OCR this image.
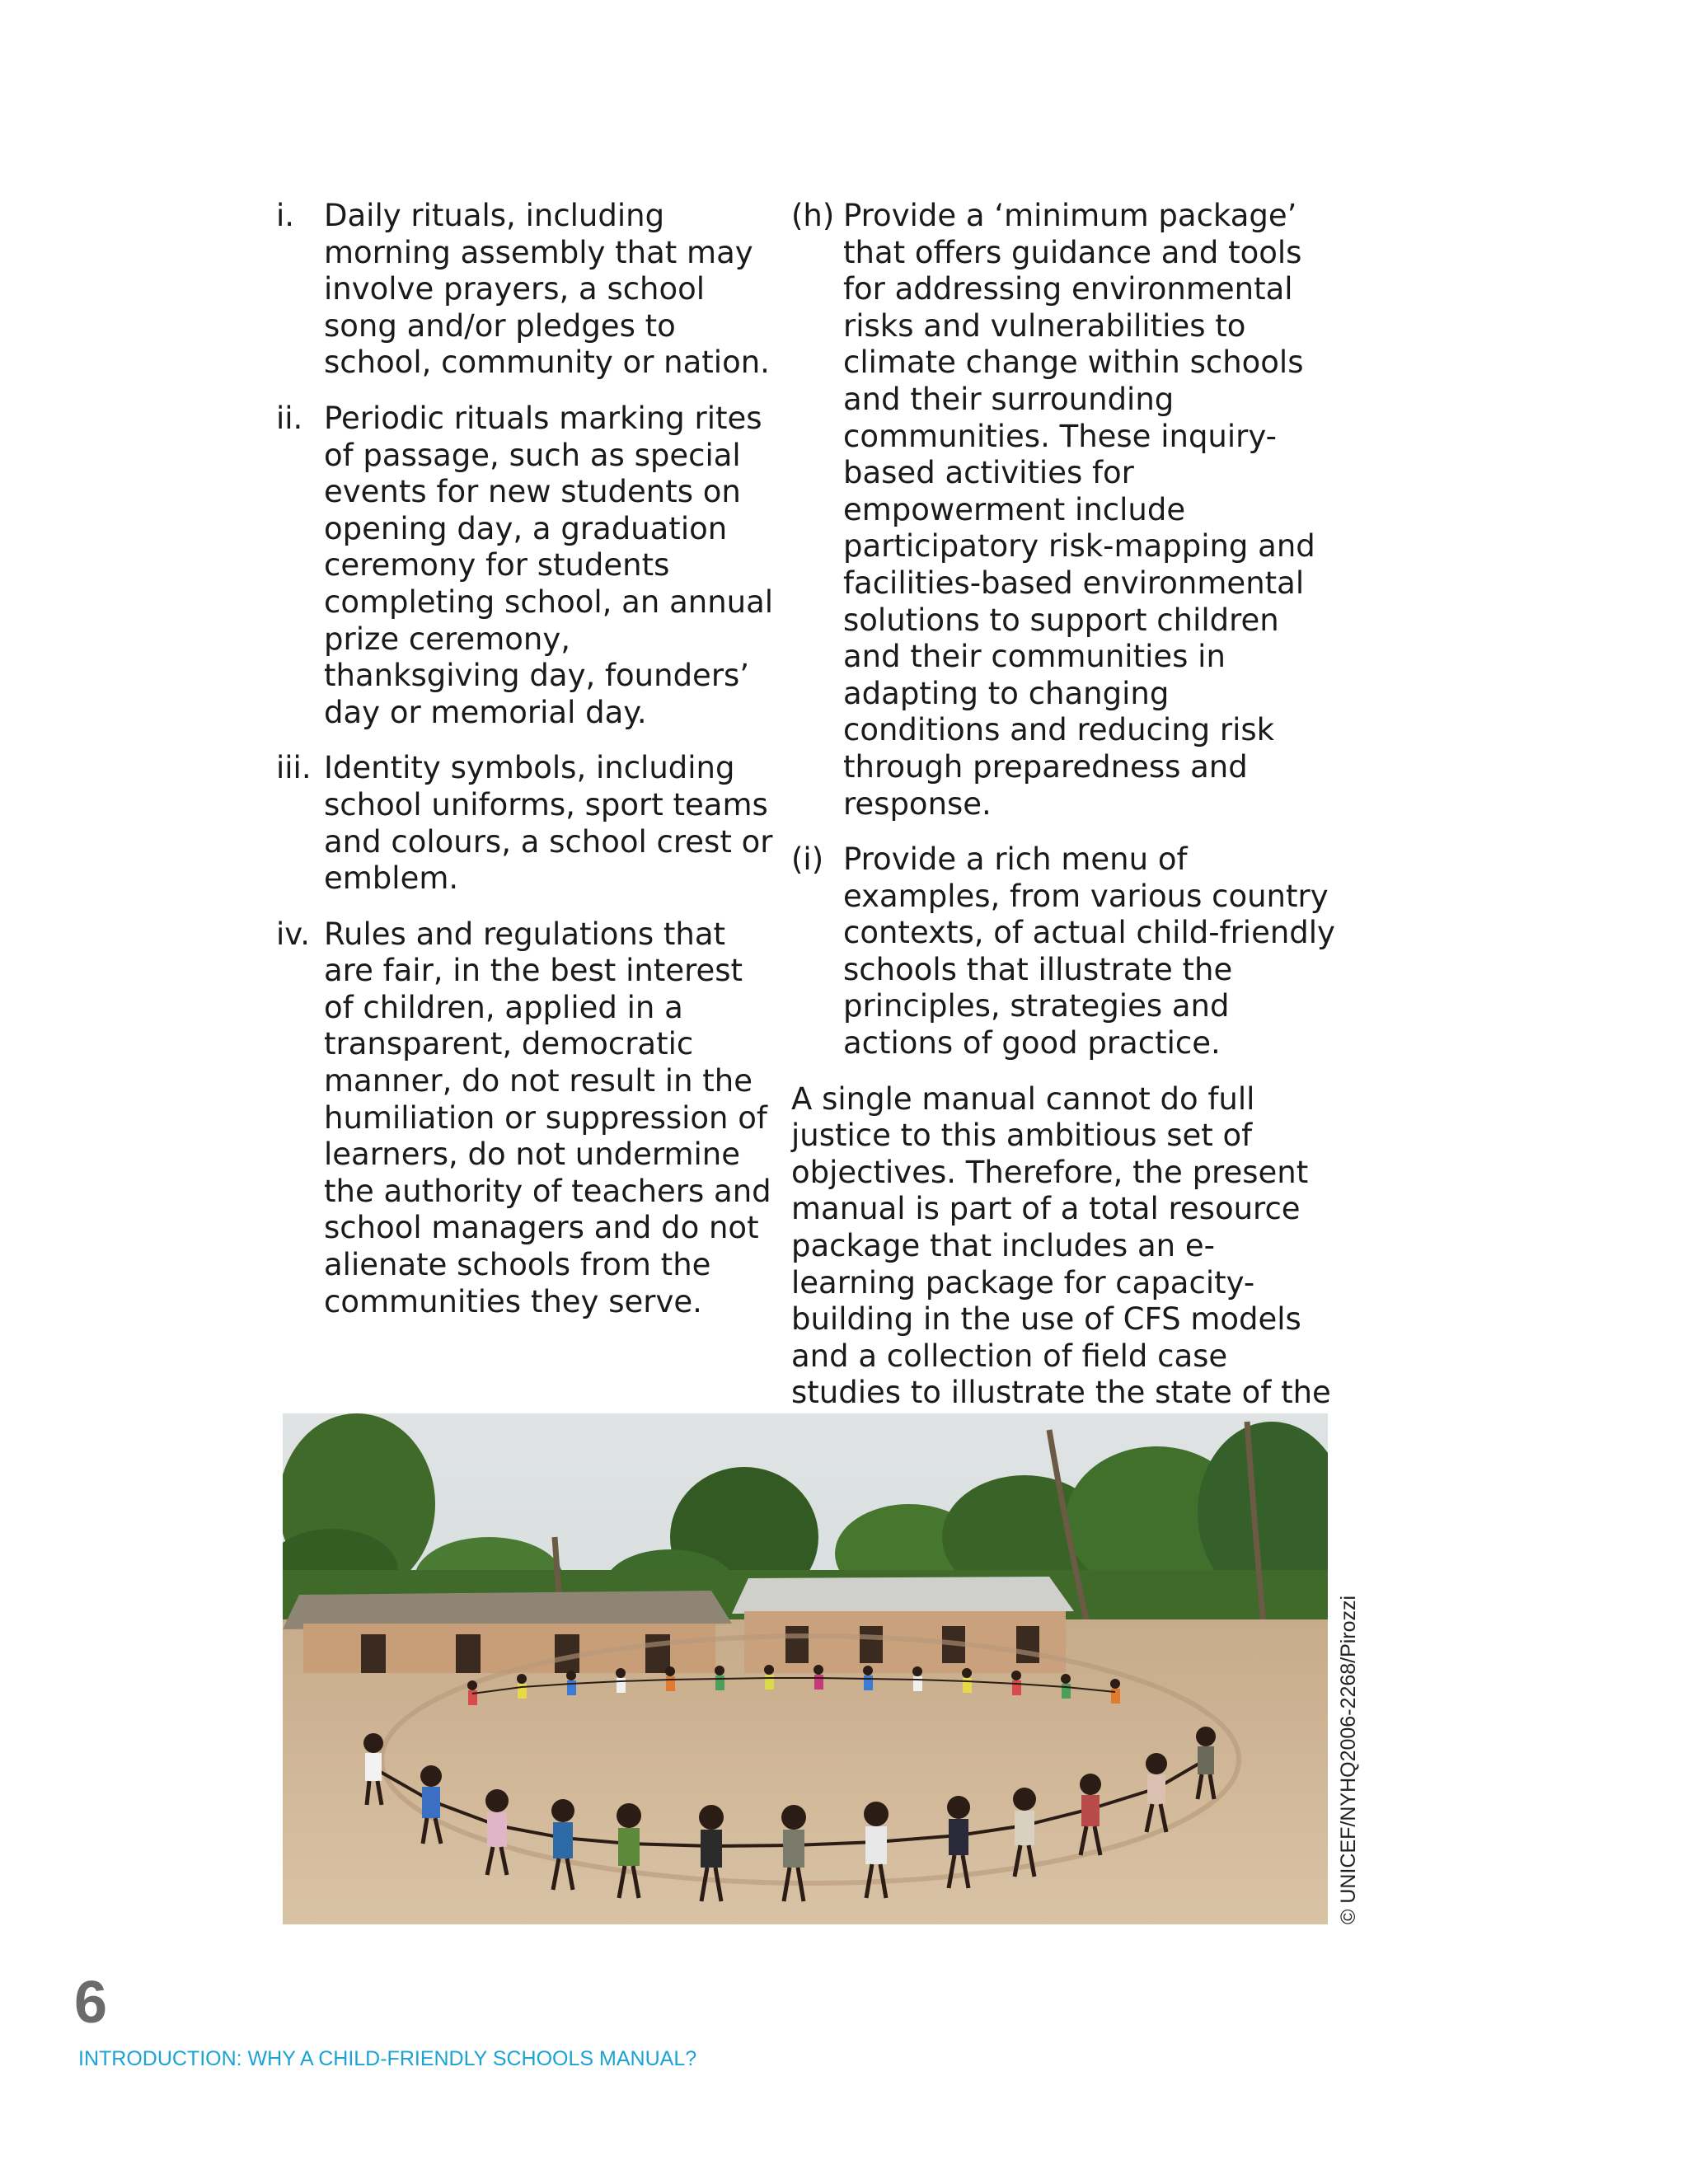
i. Daily rituals, including morning assembly that may involve prayers, a school song and/or pledges to school, community or nation.
ii. Periodic rituals marking rites of passage, such as special events for new students on opening day, a graduation ceremony for students completing school, an annual prize ceremony, thanksgiving day, founders’ day or memorial day.
iii. Identity symbols, including school uniforms, sport teams and colours, a school crest or emblem.
iv. Rules and regulations that are fair, in the best interest of children, applied in a transparent, democratic manner, do not result in the humiliation or suppression of learners, do not undermine the authority of teachers and school managers and do not alienate schools from the communities they serve.
(h) Provide a ‘minimum package’ that offers guidance and tools for addressing environmental risks and vulnerabilities to climate change within schools and their surrounding communities. These inquiry-based activities for empowerment include participatory risk-mapping and facilities-based environmental solutions to support children and their communities in adapting to changing conditions and reducing risk through preparedness and response.
(i) Provide a rich menu of examples, from various country contexts, of actual child-friendly schools that illustrate the principles, strategies and actions of good practice.

A single manual cannot do full justice to this ambitious set of objectives. Therefore, the present manual is part of a total resource package that includes an e-learning package for capacity-building in the use of CFS models and a collection of field case studies to illustrate the state of the

© UNICEF/NYHQ2006-2268/Pirozzi
6
INTRODUCTION: WHY A CHILD-FRIENDLY SCHOOLS MANUAL?
